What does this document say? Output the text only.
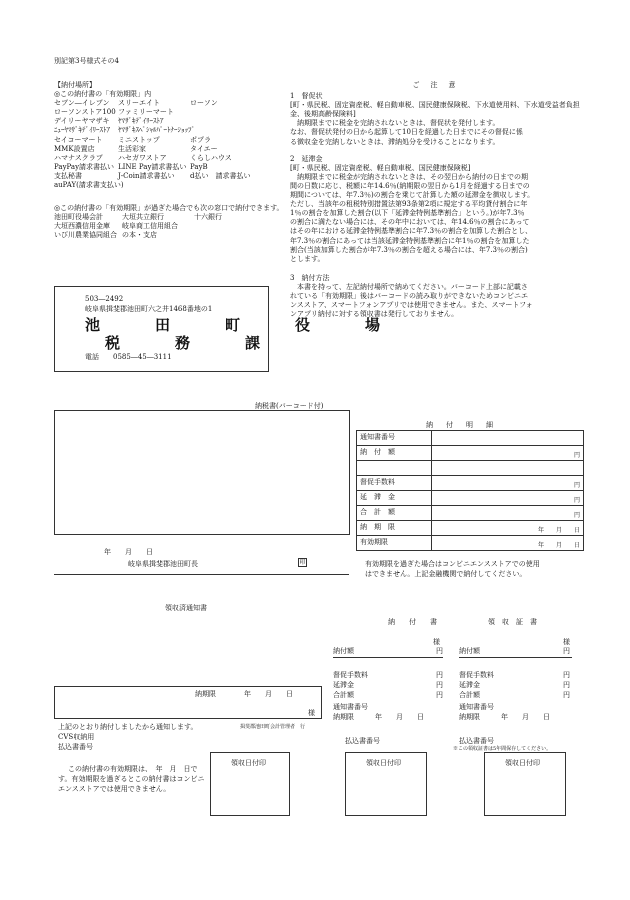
別記第3号様式その4
【納付場所】
◎この納付書の「有効期限」内
セブン―イレブン スリーエイト	ローソン
ローソンストア100 ファミリーマート
デイリーヤマザキ ﾔﾏｻﾞｷﾃﾞｲﾘｰｽﾄｱ
ﾆｭｰﾔﾏｻﾞｷﾃﾞｲﾘｰｽﾄｱ ﾔﾏｻﾞｷｽﾍﾟｼｬﾙﾊﾟｰﾄﾅｰｼｮｯﾌﾟ
セイコーマート ミニストップ	ポプラ
MMK設置店	生活彩家	タイエー
ハマナスクラブ ハセガワストア	くらしハウス
PayPay請求書払い LINE Pay請求書払い PayB
支払秘書	J-Coin請求書払い d払い　請求書払い
auPAY(請求書支払い)
◎この納付書の「有効期限」が過ぎた場合でも次の窓口で納付できます。
池田町役場会計	大垣共立銀行	十六銀行
大垣西濃信用金庫 岐阜商工信用組合
いび川農業協同組合 の本・支店
503―2492
岐阜県揖斐郡池田町六之井1468番地の1
池　田　町　役　場
税　務　課
電話　　0585―45―3111
ご　注　意
1　督促状
[町・県民税、固定資産税、軽自動車税、国民健康保険税、下水道使用料、下水道受益者負担金、後期高齢保険料]
納期限までに税金を完納されないときは、督促状を発付します。
なお、督促状発付の日から起算して10日を経過した日までにその督促に係
る徴収金を完納しないときは、滞納処分を受けることになります。
2　延滞金
[町・県民税、固定資産税、軽自動車税、国民健康保険税]
納期限までに税金が完納されないときは、その翌日から納付の日までの期
間の日数に応じ、税額に年14.6％(納期限の翌日から1月を経過する日までの
期間については、年7.3％)の割合を乗じて計算した額の延滞金を徴収します。
ただし、当該年の租税特別措置法第93条第2項に規定する平均貸付割合に年
1％の割合を加算した割合(以下「延滞金特例基準割合」という。)が年7.3％
の割合に満たない場合には、その年中においては、年14.6％の割合にあって
はその年における延滞金特例基準割合に年7.3％の割合を加算した割合とし、
年7.3％の割合にあっては当該延滞金特例基準割合に年1％の割合を加算した
割合(当該加算した割合が年7.3％の割合を超える場合には、年7.3％の割合)
とします。
3　納付方法
本書を持って、左記納付場所で納めてください。バーコード上部に記載さ
れている「有効期限」後はバーコードの読み取りができないためコンビニエ
ンスストア、スマートフォンアプリでは使用できません。また、スマートフォ
ンアプリ納付に対する領収書は発行しておりません。
納税書(バーコード付)
年　　月　　日
岐阜県揖斐郡池田町長	印
納　付　明　細
通知書番号	
納　付　額	円

督促手数料	円
延　滞　金	円
合　計　額	円
納　期　限	年　　月　　日
有効期限	年　　月　　日
有効期限を過ぎた場合はコンビニエンスストアでの使用
はできません。上記金融機関で納付してください。
領収済通知書
納期限　　　　年　　月　　日
様
上記のとおり納付しましたから通知します。	揖斐郡池田町会計管理者　行
CVS収納用
払込書番号
この納付書の有効期限は、　年　月　日で
す。有効期限を過ぎるとこの納付書はコンビニ
エンスストアでは使用できません。
領収日付印
納　　付　　書
様
納付額	円
督促手数料	円
延滞金	円
合計額	円
通知書番号
納期限　　　年　　月　　日
払込書番号
領収日付印
領　収　証　書
様
納付額	円
督促手数料	円
延滞金	円
合計額	円
通知書番号
納期限　　　年　　月　　日
払込書番号
※この領収証書は5年間保存してください。
領収日付印
